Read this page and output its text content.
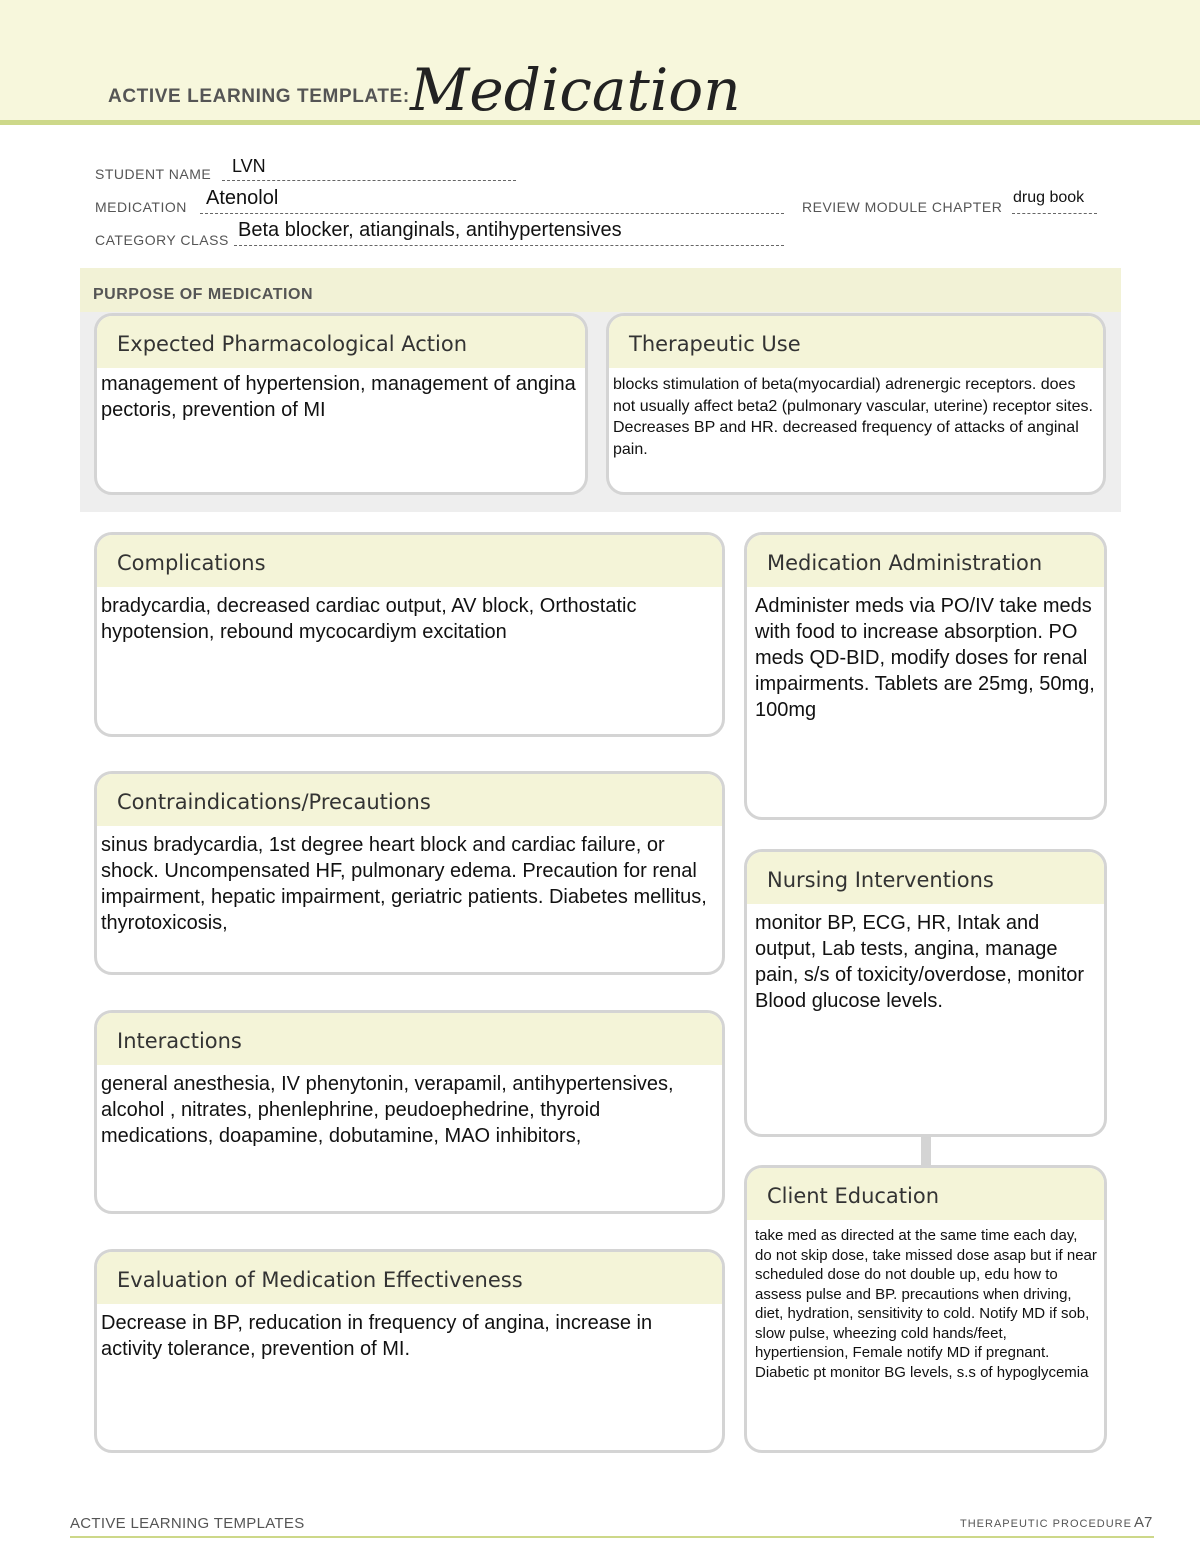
ACTIVE LEARNING TEMPLATE: Medication
STUDENT NAME LVN
MEDICATION Atenolol	REVIEW MODULE CHAPTER
drug book
CATEGORY CLASS Beta blocker, atianginals, antihypertensives
PURPOSE OF MEDICATION
Expected Pharmacological Action
management of hypertension, management of angina pectoris, prevention of MI
Therapeutic Use
blocks stimulation of beta(myocardial) adrenergic receptors. does not usually affect beta2 (pulmonary vascular, uterine) receptor sites. Decreases BP and HR. decreased frequency of attacks of anginal pain.
Complications
bradycardia, decreased cardiac output, AV block, Orthostatic hypotension, rebound mycocardiym excitation
Contraindications/Precautions
sinus bradycardia, 1st degree heart block and cardiac failure, or shock. Uncompensated HF, pulmonary edema. Precaution for renal impairment, hepatic impairment, geriatric patients. Diabetes mellitus, thyrotoxicosis,
Interactions
general anesthesia, IV phenytonin, verapamil, antihypertensives, alcohol , nitrates, phenlephrine, peudoephedrine, thyroid medications, doapamine, dobutamine, MAO inhibitors,
Evaluation of Medication Effectiveness
Decrease in BP, reducation in frequency of angina, increase in activity tolerance, prevention of MI.
Medication Administration
Administer meds via PO/IV take meds with food to increase absorption. PO meds QD-BID, modify doses for renal impairments. Tablets are 25mg, 50mg, 100mg
Nursing Interventions
monitor BP, ECG, HR, Intak and output, Lab tests, angina, manage pain, s/s of toxicity/overdose, monitor Blood glucose levels.
Client Education
take med as directed at the same time each day, do not skip dose, take missed dose asap but if near scheduled dose do not double up, edu how to assess pulse and BP. precautions when driving, diet, hydration, sensitivity to cold. Notify MD if sob, slow pulse, wheezing cold hands/feet, hypertiension, Female notify MD if pregnant. Diabetic pt monitor BG levels, s.s of hypoglycemia
ACTIVE LEARNING TEMPLATES	THERAPEUTIC PROCEDURE A7
